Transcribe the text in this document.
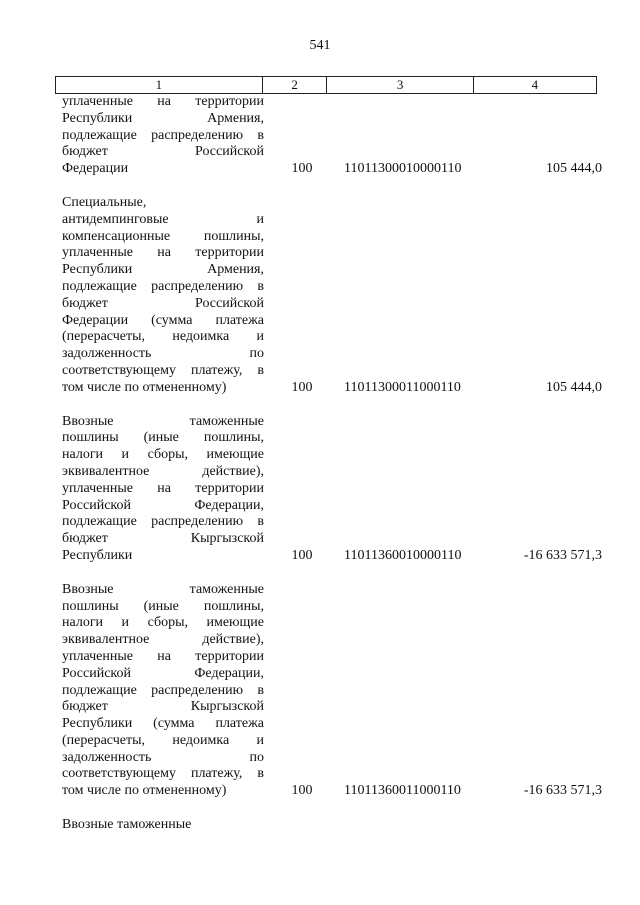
541
1	2	3	4
уплаченные на территории
Республики Армения,
подлежащие распределению в
бюджет Российской
Федерации	100 11011300010000110	105 444,0
Специальные,
антидемпинговые и
компенсационные пошлины,
уплаченные на территории
Республики Армения,
подлежащие распределению в
бюджет Российской
Федерации (сумма платежа
(перерасчеты, недоимка и
задолженность по
соответствующему платежу, в
том числе по отмененному)	100 11011300011000110	105 444,0
Ввозные таможенные
пошлины (иные пошлины,
налоги и сборы, имеющие
эквивалентное действие),
уплаченные на территории
Российской Федерации,
подлежащие распределению в
бюджет Кыргызской
Республики	100 11011360010000110	-16 633 571,3
Ввозные таможенные
пошлины (иные пошлины,
налоги и сборы, имеющие
эквивалентное действие),
уплаченные на территории
Российской Федерации,
подлежащие распределению в
бюджет Кыргызской
Республики (сумма платежа
(перерасчеты, недоимка и
задолженность по
соответствующему платежу, в
том числе по отмененному)	100 11011360011000110	-16 633 571,3
Ввозные таможенные
